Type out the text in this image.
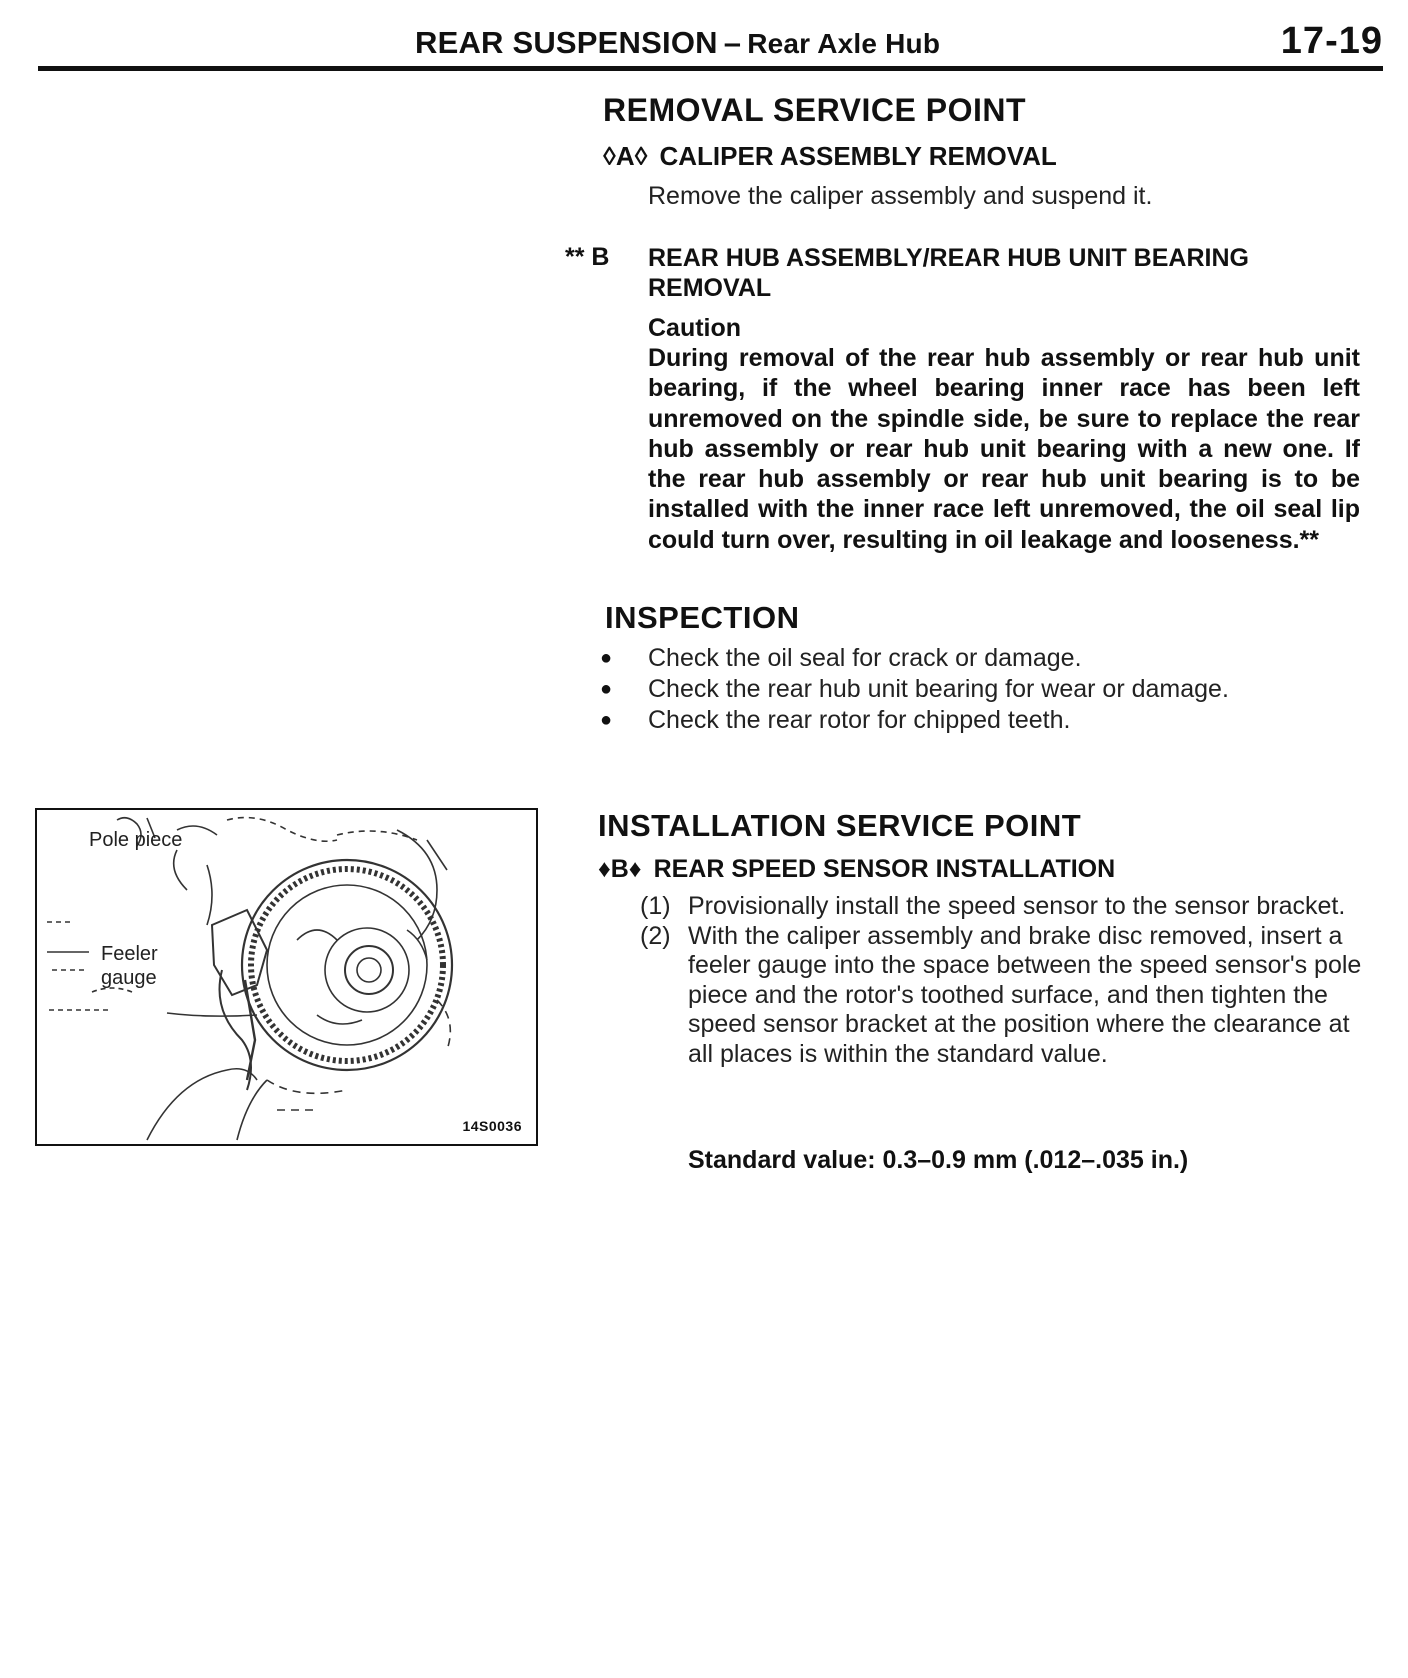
REAR SUSPENSION – Rear Axle Hub	17-19
REMOVAL SERVICE POINT
◊A◊ CALIPER ASSEMBLY REMOVAL
Remove the caliper assembly and suspend it.
** B REAR HUB ASSEMBLY/REAR HUB UNIT BEARING REMOVAL
Caution
During removal of the rear hub assembly or rear hub unit bearing, if the wheel bearing inner race has been left unremoved on the spindle side, be sure to replace the rear hub assembly or rear hub unit bearing with a new one. If the rear hub assembly or rear hub unit bearing is to be installed with the inner race left unremoved, the oil seal lip could turn over, resulting in oil leakage and looseness.**
INSPECTION
● Check the oil seal for crack or damage.
● Check the rear hub unit bearing for wear or damage.
● Check the rear rotor for chipped teeth.
Pole piece
Feeler
gauge
14S0036
INSTALLATION SERVICE POINT
♦B♦ REAR SPEED SENSOR INSTALLATION
(1) Provisionally install the speed sensor to the sensor bracket.
(2) With the caliper assembly and brake disc removed, insert a feeler gauge into the space between the speed sensor's pole piece and the rotor's toothed surface, and then tighten the speed sensor bracket at the position where the clearance at all places is within the standard value.
Standard value: 0.3–0.9 mm (.012–.035 in.)
